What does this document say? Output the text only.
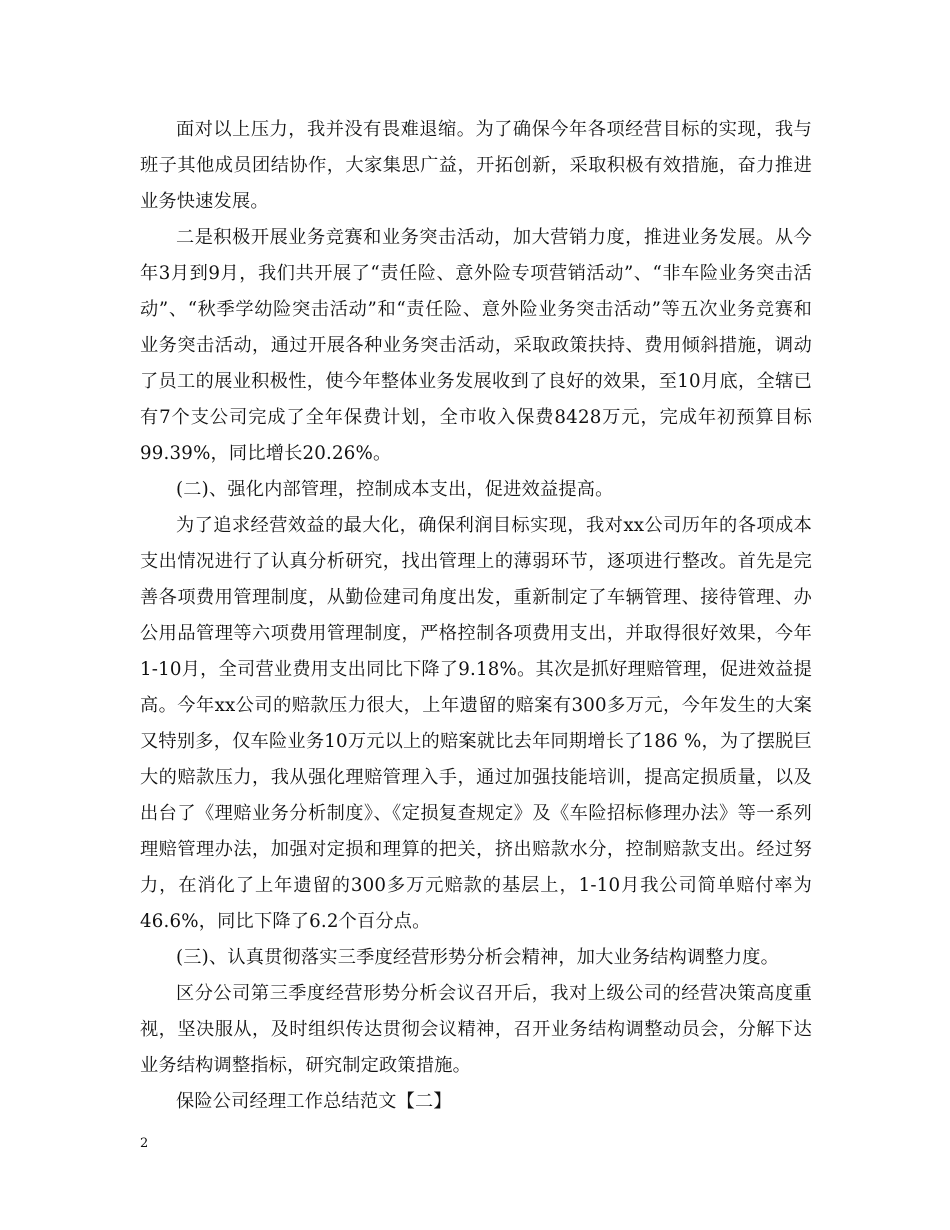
面对以上压力，我并没有畏难退缩。为了确保今年各项经营目标的实现，我与班子其他成员团结协作，大家集思广益，开拓创新，采取积极有效措施，奋力推进业务快速发展。

二是积极开展业务竞赛和业务突击活动，加大营销力度，推进业务发展。从今年3月到9月，我们共开展了“责任险、意外险专项营销活动”、“非车险业务突击活动”、“秋季学幼险突击活动”和“责任险、意外险业务突击活动”等五次业务竞赛和业务突击活动，通过开展各种业务突击活动，采取政策扶持、费用倾斜措施，调动了员工的展业积极性，使今年整体业务发展收到了良好的效果，至10月底，全辖已有7个支公司完成了全年保费计划，全市收入保费8428万元，完成年初预算目标99.39%，同比增长20.26%。

(二)、强化内部管理，控制成本支出，促进效益提高。

为了追求经营效益的最大化，确保利润目标实现，我对xx公司历年的各项成本支出情况进行了认真分析研究，找出管理上的薄弱环节，逐项进行整改。首先是完善各项费用管理制度，从勤俭建司角度出发，重新制定了车辆管理、接待管理、办公用品管理等六项费用管理制度，严格控制各项费用支出，并取得很好效果，今年1-10月，全司营业费用支出同比下降了9.18%。其次是抓好理赔管理，促进效益提高。今年xx公司的赔款压力很大，上年遗留的赔案有300多万元，今年发生的大案又特别多，仅车险业务10万元以上的赔案就比去年同期增长了186 %，为了摆脱巨大的赔款压力，我从强化理赔管理入手，通过加强技能培训，提高定损质量，以及出台了《理赔业务分析制度》、《定损复查规定》及《车险招标修理办法》等一系列理赔管理办法，加强对定损和理算的把关，挤出赔款水分，控制赔款支出。经过努力，在消化了上年遗留的300多万元赔款的基层上，1-10月我公司简单赔付率为46.6%，同比下降了6.2个百分点。

(三)、认真贯彻落实三季度经营形势分析会精神，加大业务结构调整力度。

区分公司第三季度经营形势分析会议召开后，我对上级公司的经营决策高度重视，坚决服从，及时组织传达贯彻会议精神，召开业务结构调整动员会，分解下达业务结构调整指标，研究制定政策措施。

保险公司经理工作总结范文【二】

2
